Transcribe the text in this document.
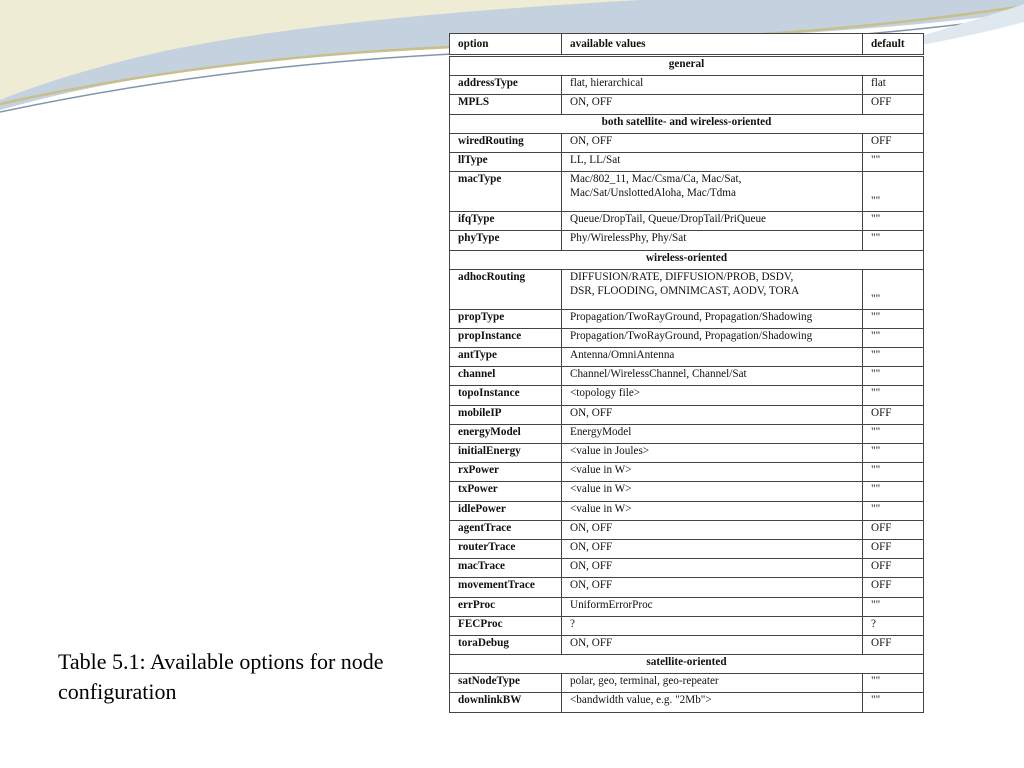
option	available values	default
general		
addressType	flat, hierarchical	flat
MPLS	ON, OFF	OFF
both satellite- and wireless-oriented		
wiredRouting	ON, OFF	OFF
llType	LL, LL/Sat	""
macType	Mac/802_11, Mac/Csma/Ca, Mac/Sat,
Mac/Sat/UnslottedAloha, Mac/Tdma	""
ifqType	Queue/DropTail, Queue/DropTail/PriQueue	""
phyType	Phy/WirelessPhy, Phy/Sat	""
wireless-oriented		
adhocRouting	DIFFUSION/RATE, DIFFUSION/PROB, DSDV,
DSR, FLOODING, OMNIMCAST, AODV, TORA	""
propType	Propagation/TwoRayGround, Propagation/Shadowing	""
propInstance	Propagation/TwoRayGround, Propagation/Shadowing	""
antType	Antenna/OmniAntenna	""
channel	Channel/WirelessChannel, Channel/Sat	""
topoInstance	<topology file>	""
mobileIP	ON, OFF	OFF
energyModel	EnergyModel	""
initialEnergy	<value in Joules>	""
rxPower	<value in W>	""
txPower	<value in W>	""
idlePower	<value in W>	""
agentTrace	ON, OFF	OFF
routerTrace	ON, OFF	OFF
macTrace	ON, OFF	OFF
movementTrace	ON, OFF	OFF
errProc	UniformErrorProc	""
FECProc	?	?
toraDebug	ON, OFF	OFF
satellite-oriented		
satNodeType	polar, geo, terminal, geo-repeater	""
downlinkBW	<bandwidth value, e.g. "2Mb">	""

Table 5.1: Available options for node configuration
